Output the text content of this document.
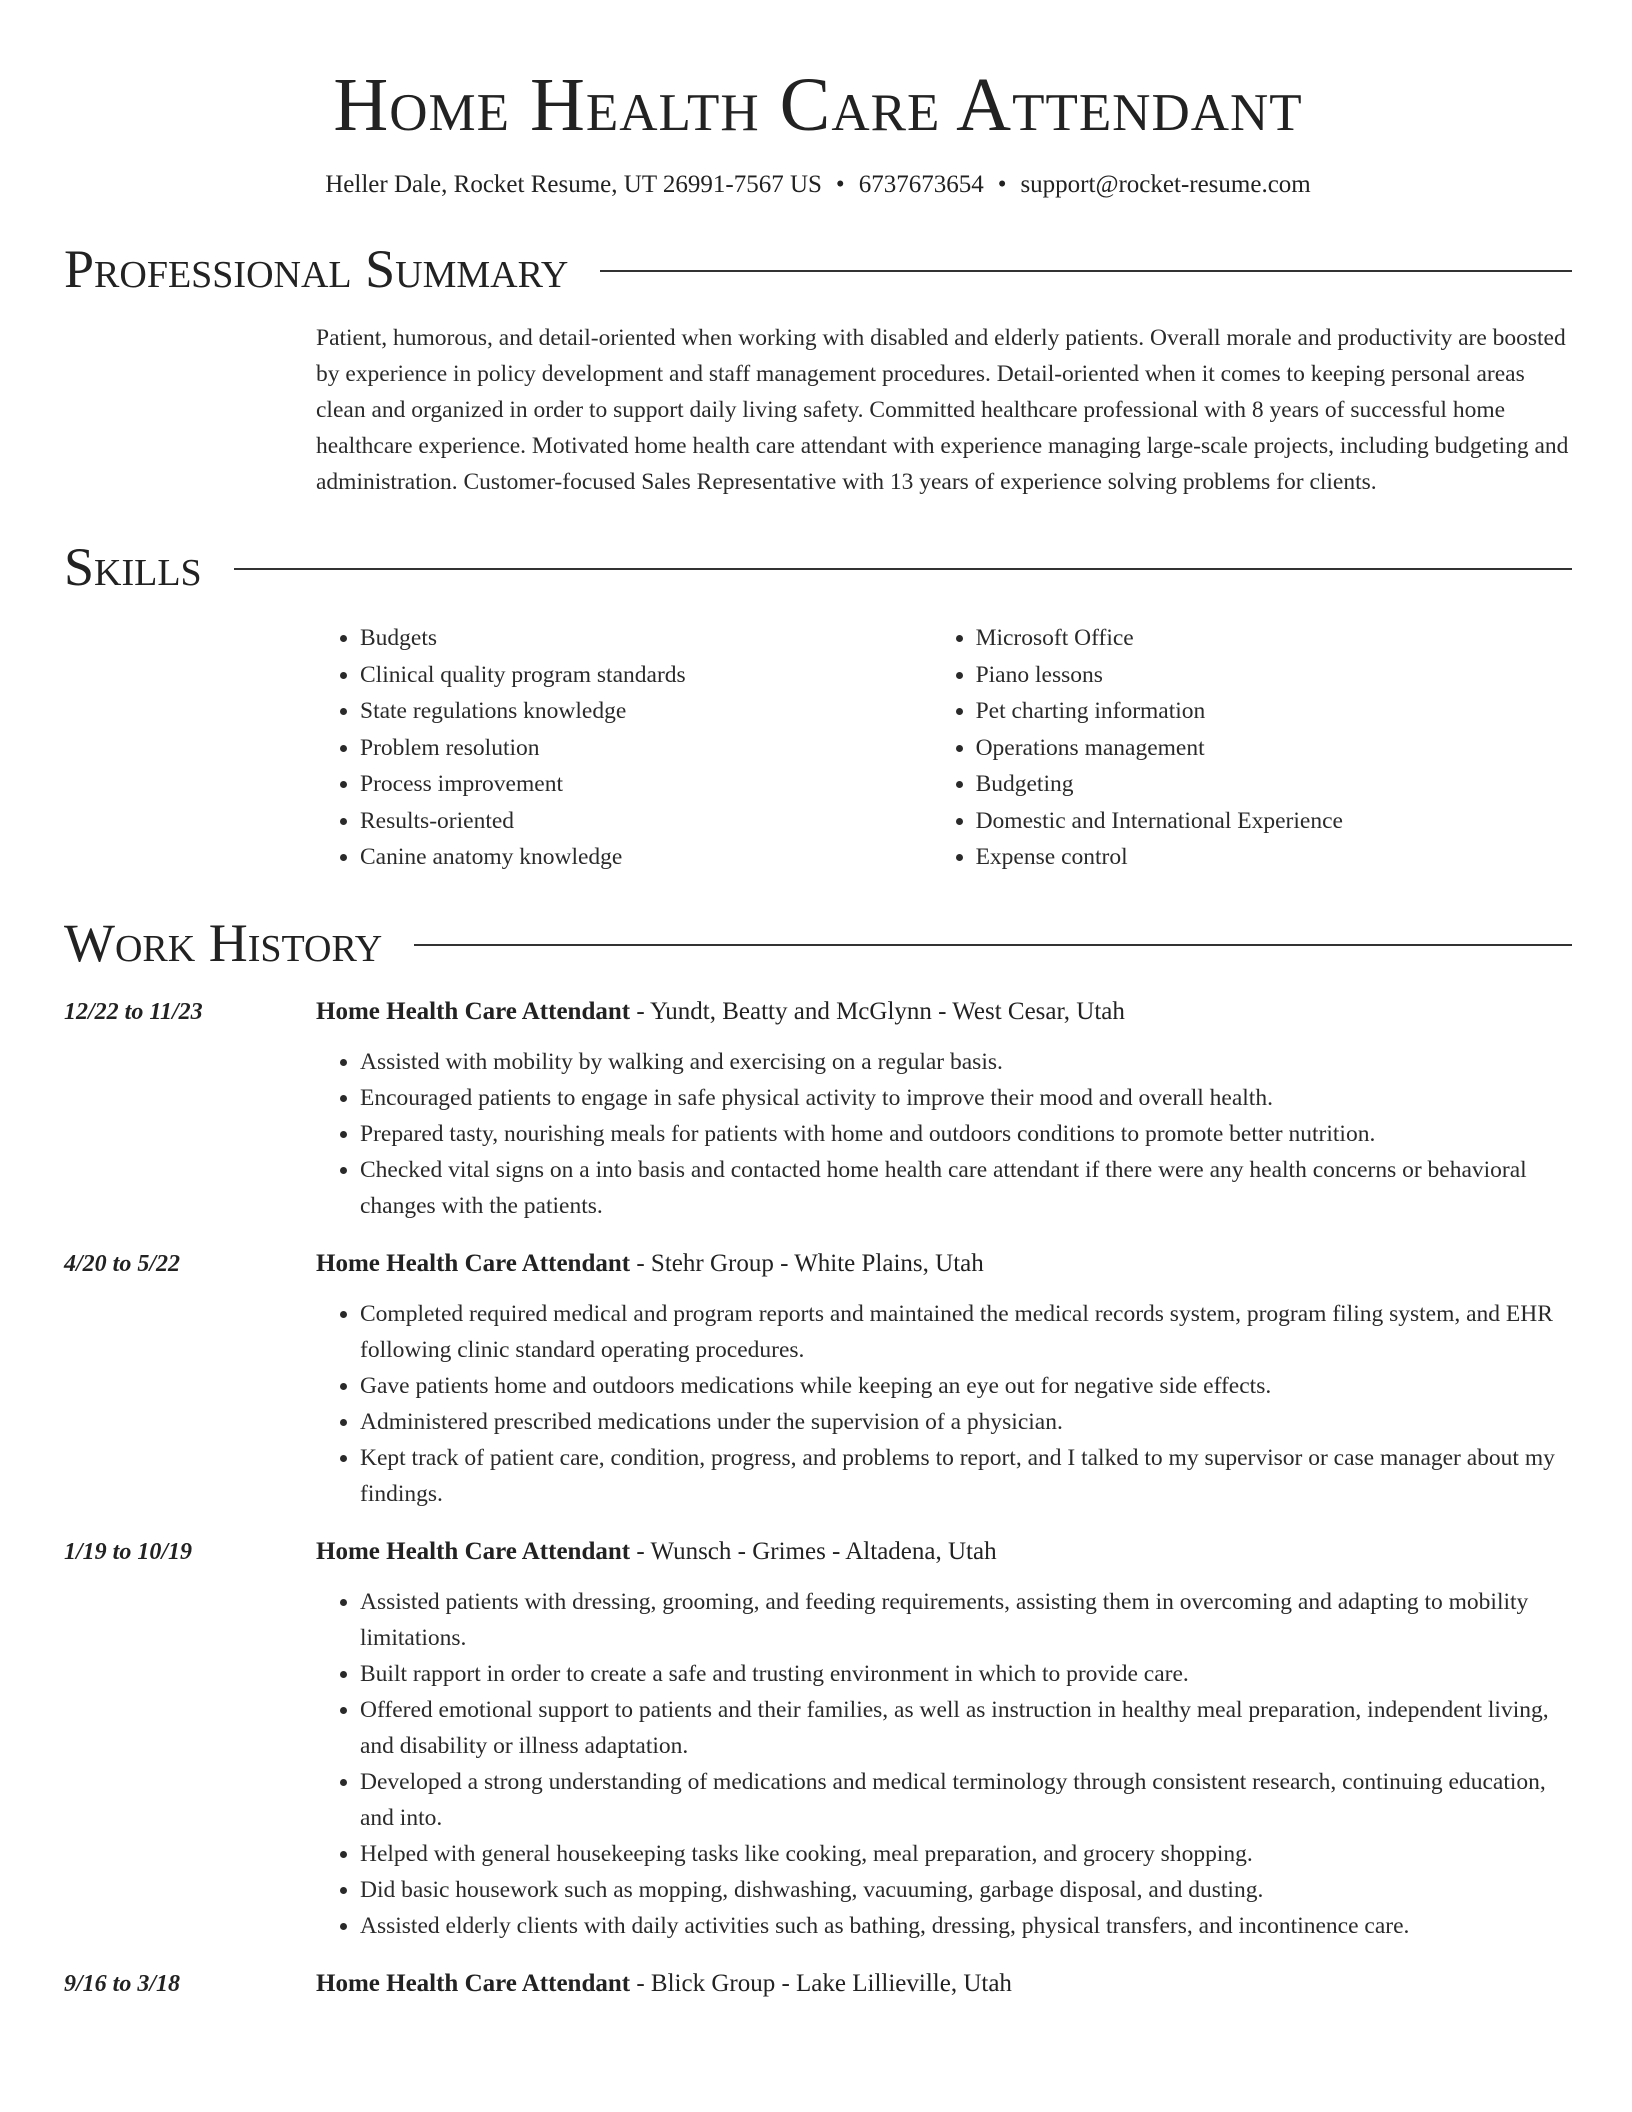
Home Health Care Attendant
Heller Dale, Rocket Resume, UT 26991-7567 US • 6737673654 • support@rocket-resume.com
Professional Summary
Patient, humorous, and detail-oriented when working with disabled and elderly patients. Overall morale and productivity are boosted by experience in policy development and staff management procedures. Detail-oriented when it comes to keeping personal areas clean and organized in order to support daily living safety. Committed healthcare professional with 8 years of successful home healthcare experience. Motivated home health care attendant with experience managing large-scale projects, including budgeting and administration. Customer-focused Sales Representative with 13 years of experience solving problems for clients.
Skills
• Budgets
• Clinical quality program standards
• State regulations knowledge
• Problem resolution
• Process improvement
• Results-oriented
• Canine anatomy knowledge
• Microsoft Office
• Piano lessons
• Pet charting information
• Operations management
• Budgeting
• Domestic and International Experience
• Expense control
Work History
12/22 to 11/23	Home Health Care Attendant - Yundt, Beatty and McGlynn - West Cesar, Utah
• Assisted with mobility by walking and exercising on a regular basis.
• Encouraged patients to engage in safe physical activity to improve their mood and overall health.
• Prepared tasty, nourishing meals for patients with home and outdoors conditions to promote better nutrition.
• Checked vital signs on a into basis and contacted home health care attendant if there were any health concerns or behavioral changes with the patients.
4/20 to 5/22	Home Health Care Attendant - Stehr Group - White Plains, Utah
• Completed required medical and program reports and maintained the medical records system, program filing system, and EHR following clinic standard operating procedures.
• Gave patients home and outdoors medications while keeping an eye out for negative side effects.
• Administered prescribed medications under the supervision of a physician.
• Kept track of patient care, condition, progress, and problems to report, and I talked to my supervisor or case manager about my findings.
1/19 to 10/19	Home Health Care Attendant - Wunsch - Grimes - Altadena, Utah
• Assisted patients with dressing, grooming, and feeding requirements, assisting them in overcoming and adapting to mobility limitations.
• Built rapport in order to create a safe and trusting environment in which to provide care.
• Offered emotional support to patients and their families, as well as instruction in healthy meal preparation, independent living, and disability or illness adaptation.
• Developed a strong understanding of medications and medical terminology through consistent research, continuing education, and into.
• Helped with general housekeeping tasks like cooking, meal preparation, and grocery shopping.
• Did basic housework such as mopping, dishwashing, vacuuming, garbage disposal, and dusting.
• Assisted elderly clients with daily activities such as bathing, dressing, physical transfers, and incontinence care.
9/16 to 3/18	Home Health Care Attendant - Blick Group - Lake Lillieville, Utah
